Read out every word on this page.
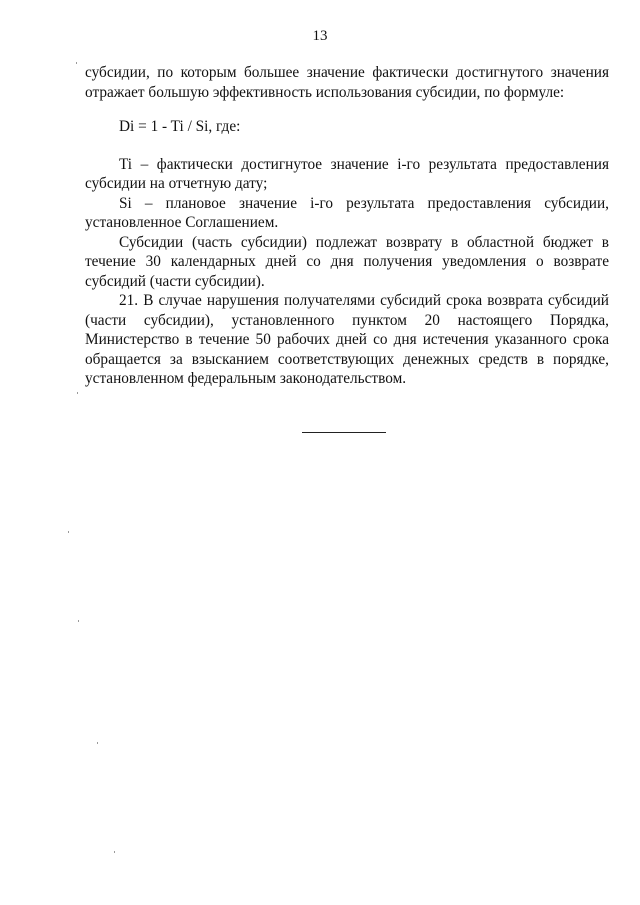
13

субсидии, по которым большее значение фактически достигнутого значения отражает большую эффективность использования субсидии, по формуле:

Di = 1 - Ti / Si, где:

Ti – фактически достигнутое значение i-го результата предоставления субсидии на отчетную дату;

Si – плановое значение i-го результата предоставления субсидии, установленное Соглашением.

Субсидии (часть субсидии) подлежат возврату в областной бюджет в течение 30 календарных дней со дня получения уведомления о возврате субсидий (части субсидии).

21. В случае нарушения получателями субсидий срока возврата субсидий (части субсидии), установленного пунктом 20 настоящего Порядка, Министерство в течение 50 рабочих дней со дня истечения указанного срока обращается за взысканием соответствующих денежных средств в порядке, установленном федеральным законодательством.
